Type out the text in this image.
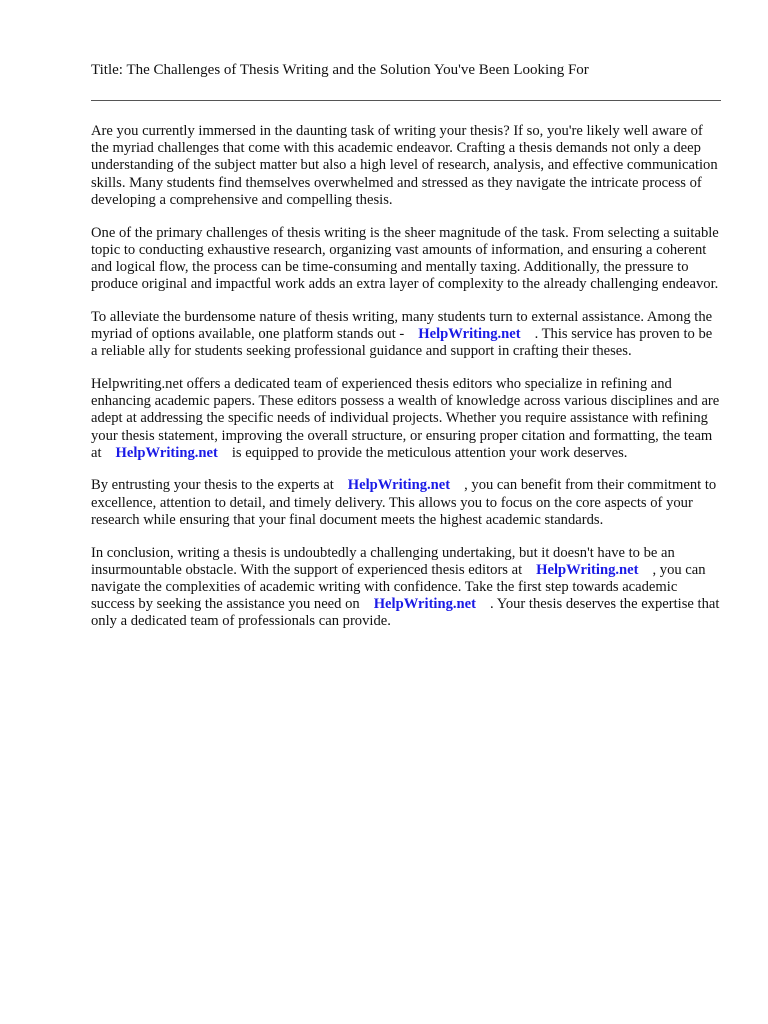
Title: The Challenges of Thesis Writing and the Solution You've Been Looking For

Are you currently immersed in the daunting task of writing your thesis? If so, you're likely well aware of the myriad challenges that come with this academic endeavor. Crafting a thesis demands not only a deep understanding of the subject matter but also a high level of research, analysis, and effective communication skills. Many students find themselves overwhelmed and stressed as they navigate the intricate process of developing a comprehensive and compelling thesis.

One of the primary challenges of thesis writing is the sheer magnitude of the task. From selecting a suitable topic to conducting exhaustive research, organizing vast amounts of information, and ensuring a coherent and logical flow, the process can be time-consuming and mentally taxing. Additionally, the pressure to produce original and impactful work adds an extra layer of complexity to the already challenging endeavor.

To alleviate the burdensome nature of thesis writing, many students turn to external assistance. Among the myriad of options available, one platform stands out - HelpWriting.net . This service has proven to be a reliable ally for students seeking professional guidance and support in crafting their theses.

Helpwriting.net offers a dedicated team of experienced thesis editors who specialize in refining and enhancing academic papers. These editors possess a wealth of knowledge across various disciplines and are adept at addressing the specific needs of individual projects. Whether you require assistance with refining your thesis statement, improving the overall structure, or ensuring proper citation and formatting, the team at HelpWriting.net is equipped to provide the meticulous attention your work deserves.

By entrusting your thesis to the experts at HelpWriting.net , you can benefit from their commitment to excellence, attention to detail, and timely delivery. This allows you to focus on the core aspects of your research while ensuring that your final document meets the highest academic standards.

In conclusion, writing a thesis is undoubtedly a challenging undertaking, but it doesn't have to be an insurmountable obstacle. With the support of experienced thesis editors at HelpWriting.net , you can navigate the complexities of academic writing with confidence. Take the first step towards academic success by seeking the assistance you need on HelpWriting.net . Your thesis deserves the expertise that only a dedicated team of professionals can provide.
